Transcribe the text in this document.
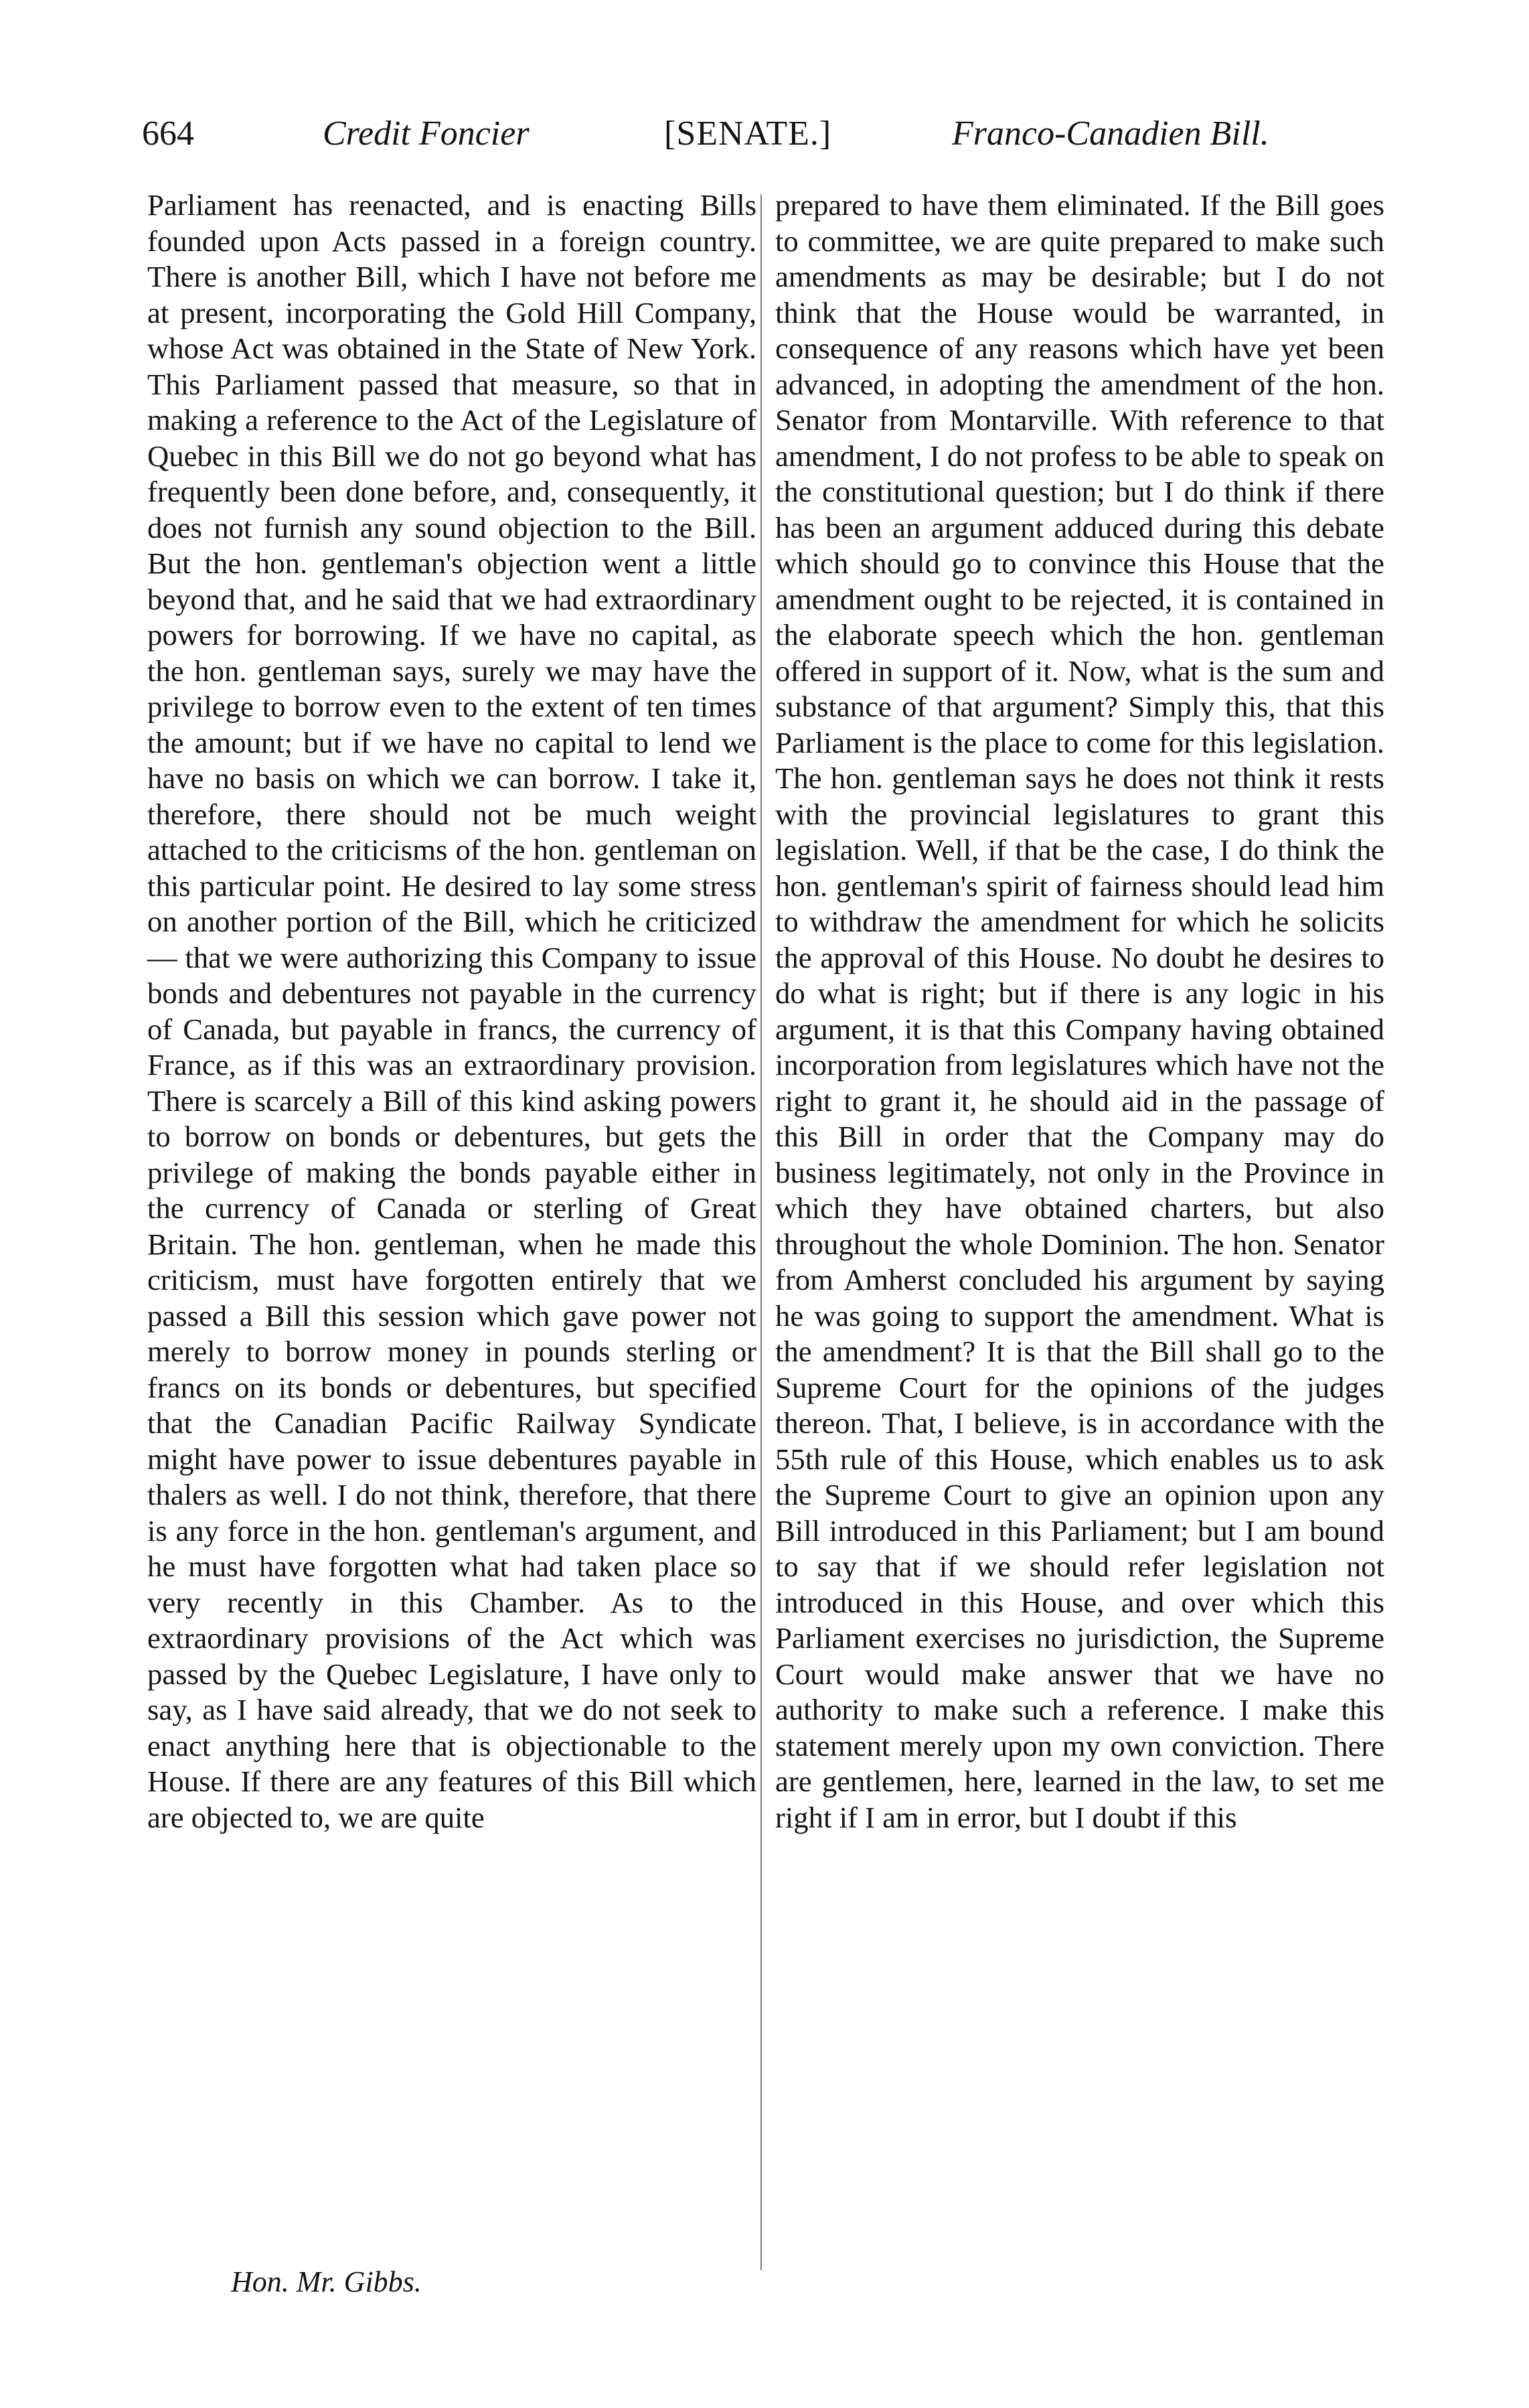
664	Credit Foncier	[SENATE.]	Franco-Canadien Bill.
Parliament has reenacted, and is enacting Bills founded upon Acts passed in a foreign country. There is another Bill, which I have not before me at present, incorporating the Gold Hill Company, whose Act was obtained in the State of New York. This Parliament passed that measure, so that in making a reference to the Act of the Legislature of Quebec in this Bill we do not go beyond what has frequently been done before, and, consequently, it does not furnish any sound objection to the Bill. But the hon. gentleman's objection went a little beyond that, and he said that we had extraordinary powers for borrowing. If we have no capital, as the hon. gentleman says, surely we may have the privilege to borrow even to the extent of ten times the amount; but if we have no capital to lend we have no basis on which we can borrow. I take it, therefore, there should not be much weight attached to the criticisms of the hon. gentleman on this particular point. He desired to lay some stress on another portion of the Bill, which he criticized — that we were authorizing this Company to issue bonds and debentures not payable in the currency of Canada, but payable in francs, the currency of France, as if this was an extraordinary provision. There is scarcely a Bill of this kind asking powers to borrow on bonds or debentures, but gets the privilege of making the bonds payable either in the currency of Canada or sterling of Great Britain. The hon. gentleman, when he made this criticism, must have forgotten entirely that we passed a Bill this session which gave power not merely to borrow money in pounds sterling or francs on its bonds or debentures, but specified that the Canadian Pacific Railway Syndicate might have power to issue debentures payable in thalers as well. I do not think, therefore, that there is any force in the hon. gentleman's argument, and he must have forgotten what had taken place so very recently in this Chamber. As to the extraordinary provisions of the Act which was passed by the Quebec Legislature, I have only to say, as I have said already, that we do not seek to enact anything here that is objectionable to the House. If there are any features of this Bill which are objected to, we are quite
prepared to have them eliminated. If the Bill goes to committee, we are quite prepared to make such amendments as may be desirable; but I do not think that the House would be warranted, in consequence of any reasons which have yet been advanced, in adopting the amendment of the hon. Senator from Montarville. With reference to that amendment, I do not profess to be able to speak on the constitutional question; but I do think if there has been an argument adduced during this debate which should go to convince this House that the amendment ought to be rejected, it is contained in the elaborate speech which the hon. gentleman offered in support of it. Now, what is the sum and substance of that argument? Simply this, that this Parliament is the place to come for this legislation. The hon. gentleman says he does not think it rests with the provincial legislatures to grant this legislation. Well, if that be the case, I do think the hon. gentleman's spirit of fairness should lead him to withdraw the amendment for which he solicits the approval of this House. No doubt he desires to do what is right; but if there is any logic in his argument, it is that this Company having obtained incorporation from legislatures which have not the right to grant it, he should aid in the passage of this Bill in order that the Company may do business legitimately, not only in the Province in which they have obtained charters, but also throughout the whole Dominion. The hon. Senator from Amherst concluded his argument by saying he was going to support the amendment. What is the amendment? It is that the Bill shall go to the Supreme Court for the opinions of the judges thereon. That, I believe, is in accordance with the 55th rule of this House, which enables us to ask the Supreme Court to give an opinion upon any Bill introduced in this Parliament; but I am bound to say that if we should refer legislation not introduced in this House, and over which this Parliament exercises no jurisdiction, the Supreme Court would make answer that we have no authority to make such a reference. I make this statement merely upon my own conviction. There are gentlemen, here, learned in the law, to set me right if I am in error, but I doubt if this
Hon. Mr. Gibbs.
